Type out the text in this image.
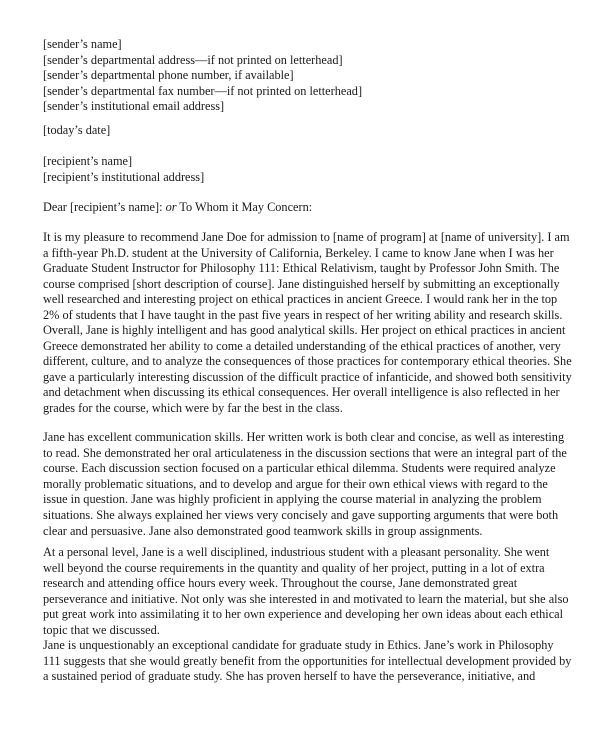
[sender’s name]
[sender’s departmental address—if not printed on letterhead]
[sender’s departmental phone number, if available]
[sender’s departmental fax number—if not printed on letterhead]
[sender’s institutional email address]
[today’s date]
[recipient’s name]
[recipient’s institutional address]
Dear [recipient’s name]: or To Whom it May Concern:
It is my pleasure to recommend Jane Doe for admission to [name of program] at [name of university]. I am
a fifth-year Ph.D. student at the University of California, Berkeley. I came to know Jane when I was her
Graduate Student Instructor for Philosophy 111: Ethical Relativism, taught by Professor John Smith. The
course comprised [short description of course]. Jane distinguished herself by submitting an exceptionally
well researched and interesting project on ethical practices in ancient Greece. I would rank her in the top
2% of students that I have taught in the past five years in respect of her writing ability and research skills.
Overall, Jane is highly intelligent and has good analytical skills. Her project on ethical practices in ancient
Greece demonstrated her ability to come a detailed understanding of the ethical practices of another, very
different, culture, and to analyze the consequences of those practices for contemporary ethical theories. She
gave a particularly interesting discussion of the difficult practice of infanticide, and showed both sensitivity
and detachment when discussing its ethical consequences. Her overall intelligence is also reflected in her
grades for the course, which were by far the best in the class.
Jane has excellent communication skills. Her written work is both clear and concise, as well as interesting
to read. She demonstrated her oral articulateness in the discussion sections that were an integral part of the
course. Each discussion section focused on a particular ethical dilemma. Students were required analyze
morally problematic situations, and to develop and argue for their own ethical views with regard to the
issue in question. Jane was highly proficient in applying the course material in analyzing the problem
situations. She always explained her views very concisely and gave supporting arguments that were both
clear and persuasive. Jane also demonstrated good teamwork skills in group assignments.
At a personal level, Jane is a well disciplined, industrious student with a pleasant personality. She went
well beyond the course requirements in the quantity and quality of her project, putting in a lot of extra
research and attending office hours every week. Throughout the course, Jane demonstrated great
perseverance and initiative. Not only was she interested in and motivated to learn the material, but she also
put great work into assimilating it to her own experience and developing her own ideas about each ethical
topic that we discussed.
Jane is unquestionably an exceptional candidate for graduate study in Ethics. Jane’s work in Philosophy
111 suggests that she would greatly benefit from the opportunities for intellectual development provided by
a sustained period of graduate study. She has proven herself to have the perseverance, initiative, and
